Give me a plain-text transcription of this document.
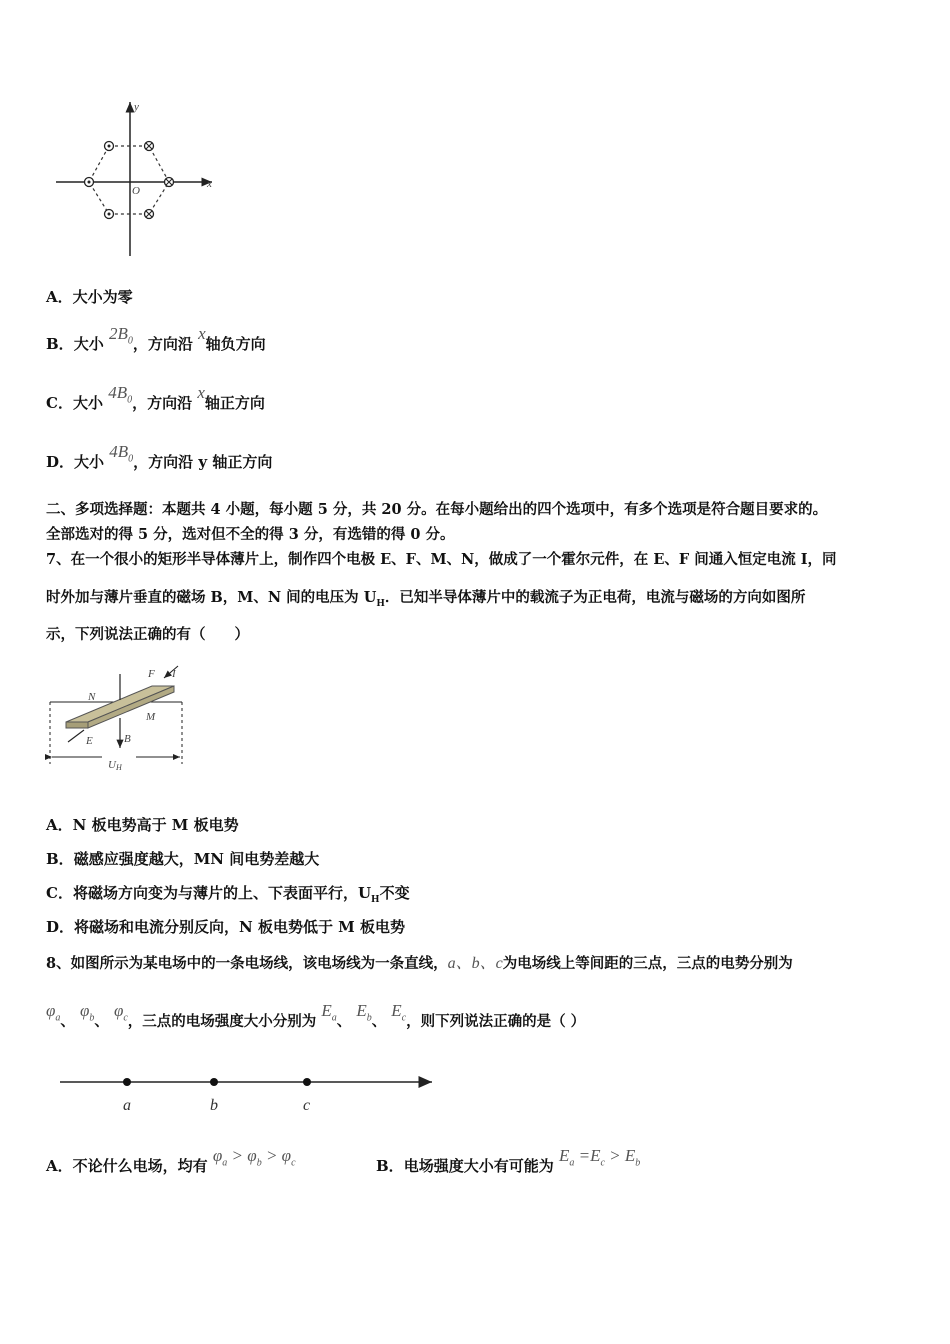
y
x
O
A．大小为零
B．大小 $2B_0$，方向沿 x轴负方向
C．大小 $4B_0$，方向沿 x轴正方向
D．大小 $4B_0$，方向沿 y 轴正方向
二、多项选择题：本题共 4 小题，每小题 5 分，共 20 分。在每小题给出的四个选项中，有多个选项是符合题目要求的。
全部选对的得 5 分，选对但不全的得 3 分，有选错的得 0 分。
7、在一个很小的矩形半导体薄片上，制作四个电极 E、F、M、N，做成了一个霍尔元件，在 E、F 间通入恒定电流 I，同
时外加与薄片垂直的磁场 B，M、N 间的电压为 $U_H$．已知半导体薄片中的载流子为正电荷，电流与磁场的方向如图所
示，下列说法正确的有（　　）
F I
N
M
E	B
UH
A．N 板电势高于 M 板电势
B．磁感应强度越大，MN 间电势差越大
C．将磁场方向变为与薄片的上、下表面平行，$U_H$不变
D．将磁场和电流分别反向，N 板电势低于 M 板电势
8、如图所示为某电场中的一条电场线，该电场线为一条直线，a、b、c为电场线上等间距的三点，三点的电势分别为
$\varphi_a$、 $\varphi_b$、 $\varphi_c$，三点的电场强度大小分别为 $E_a$、 $E_b$、 $E_c$，则下列说法正确的是（ ）
a	b	c
A．不论什么电场，均有 $\varphi_a > \varphi_b > \varphi_c$	B．电场强度大小有可能为 $E_a =E_c > E_b$
